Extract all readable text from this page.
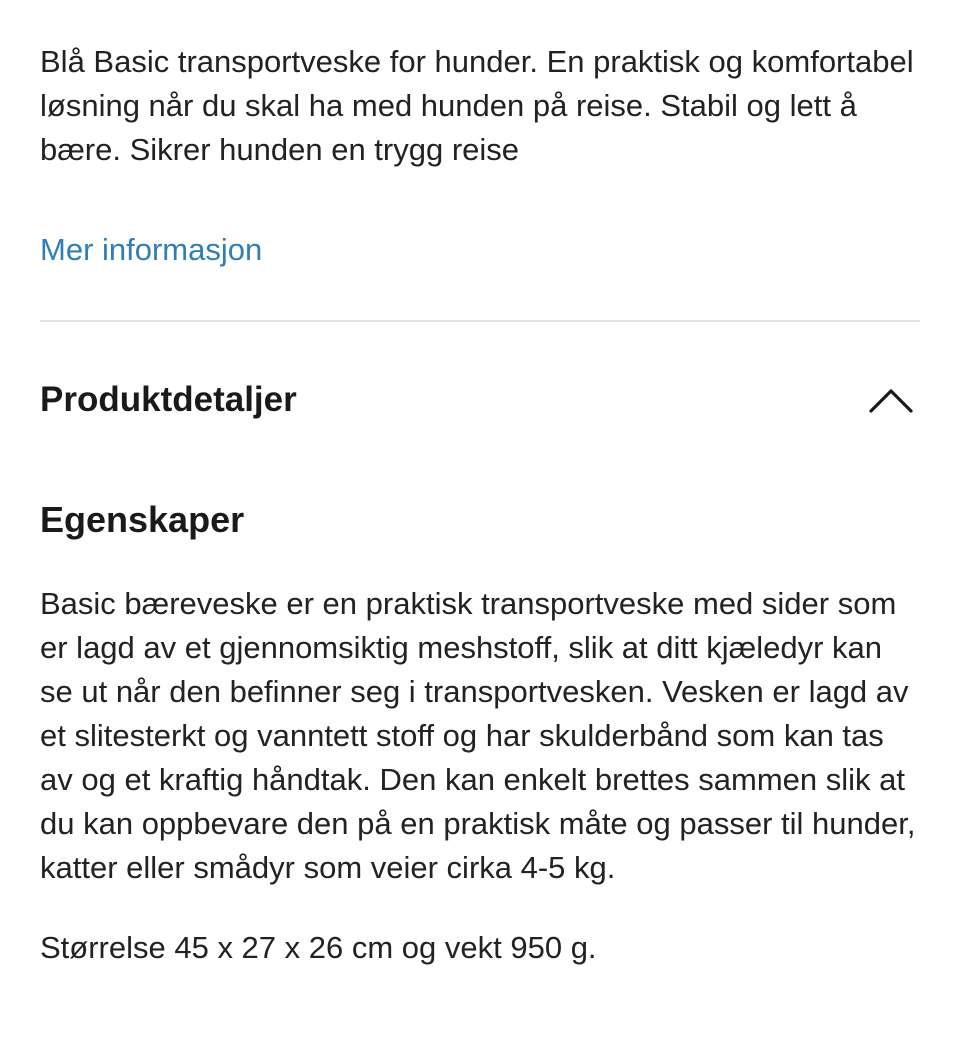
Blå Basic transportveske for hunder. En praktisk og komfortabel løsning når du skal ha med hunden på reise. Stabil og lett å bære. Sikrer hunden en trygg reise

Mer informasjon
Produktdetaljer
Egenskaper

Basic bæreveske er en praktisk transportveske med sider som er lagd av et gjennomsiktig meshstoff, slik at ditt kjæledyr kan se ut når den befinner seg i transportvesken. Vesken er lagd av et slitesterkt og vanntett stoff og har skulderbånd som kan tas av og et kraftig håndtak. Den kan enkelt brettes sammen slik at du kan oppbevare den på en praktisk måte og passer til hunder, katter eller smådyr som veier cirka 4-5 kg.

Størrelse 45 x 27 x 26 cm og vekt 950 g.
